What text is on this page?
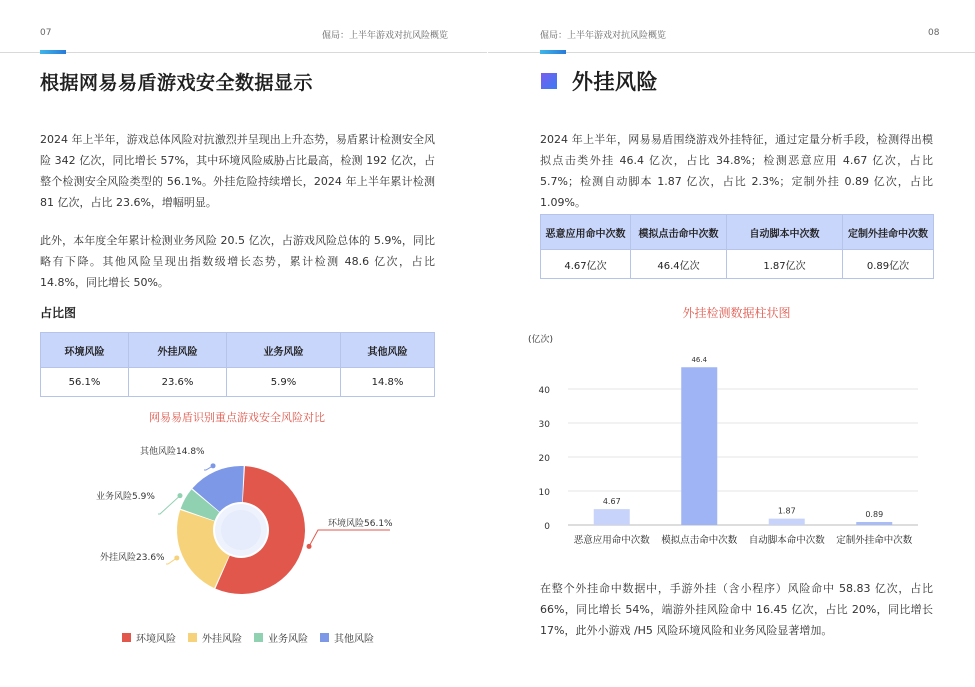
07	倔局：上半年游戏对抗风险概览
根据网易易盾游戏安全数据显示
2024 年上半年，游戏总体风险对抗激烈并呈现出上升态势，易盾累计检测安全风险 342 亿次，同比增长 57%，其中环境风险威胁占比最高，检测 192 亿次，占整个检测安全风险类型的 56.1%。外挂危险持续增长，2024 年上半年累计检测 81 亿次，占比 23.6%，增幅明显。
此外，本年度全年累计检测业务风险 20.5 亿次，占游戏风险总体的 5.9%，同比略有下降。其他风险呈现出指数级增长态势，累计检测 48.6 亿次，占比 14.8%，同比增长 50%。
占比图
环境风险	外挂风险	业务风险	其他风险
56.1%	23.6%	5.9%	14.8%
网易易盾识别重点游戏安全风险对比
环境风险56.1%
外挂风险23.6%
业务风险5.9%
其他风险14.8%
环境风险	外挂风险	业务风险	其他风险
倔局：上半年游戏对抗风险概览	08
外挂风险
2024 年上半年，网易易盾围绕游戏外挂特征，通过定量分析手段，检测得出模拟点击类外挂 46.4 亿次，占比 34.8%；检测恶意应用 4.67 亿次，占比 5.7%；检测自动脚本 1.87 亿次，占比 2.3%；定制外挂 0.89 亿次，占比 1.09%。
恶意应用命中次数	模拟点击命中次数	自动脚本中次数	定制外挂命中次数
4.67亿次	46.4亿次	1.87亿次	0.89亿次
外挂检测数据柱状图
(亿次)
0
10
20
30
40
4.67
恶意应用命中次数
46.4
模拟点击命中次数
1.87
自动脚本命中次数
0.89
定制外挂命中次数
在整个外挂命中数据中，手游外挂（含小程序）风险命中 58.83 亿次，占比 66%，同比增长 54%，端游外挂风险命中 16.45 亿次，占比 20%，同比增长 17%，此外小游戏 /H5 风险环境风险和业务风险显著增加。
